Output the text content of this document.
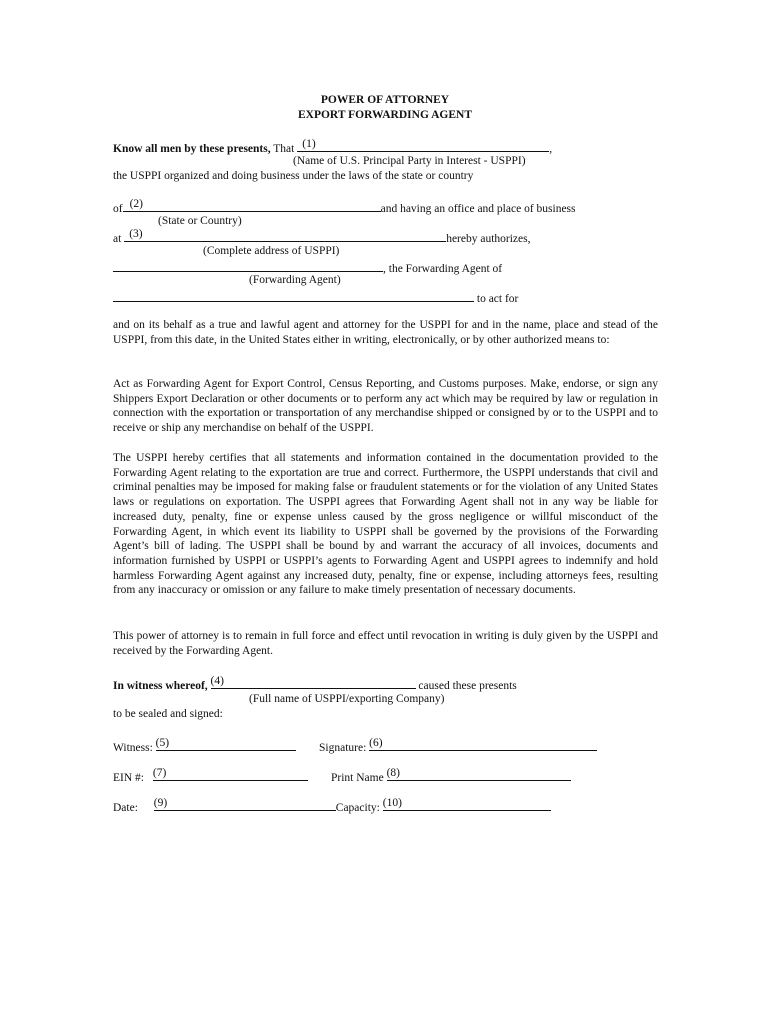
POWER OF ATTORNEY
EXPORT FORWARDING AGENT
Know all men by these presents, That (1)	,
(Name of U.S. Principal Party in Interest - USPPI)
the USPPI organized and doing business under the laws of the state or country
of (2)	and having an office and place of business
(State or Country)
at (3)	hereby authorizes,
(Complete address of USPPI)
, the Forwarding Agent of
(Forwarding Agent)
to act for
and on its behalf as a true and lawful agent and attorney for the USPPI for and in the name, place and stead of the USPPI, from this date, in the United States either in writing, electronically, or by other authorized means to:
Act as Forwarding Agent for Export Control, Census Reporting, and Customs purposes. Make, endorse, or sign any Shippers Export Declaration or other documents or to perform any act which may be required by law or regulation in connection with the exportation or transportation of any merchandise shipped or consigned by or to the USPPI and to receive or ship any merchandise on behalf of the USPPI.
The USPPI hereby certifies that all statements and information contained in the documentation provided to the Forwarding Agent relating to the exportation are true and correct. Furthermore, the USPPI understands that civil and criminal penalties may be imposed for making false or fraudulent statements or for the violation of any United States laws or regulations on exportation. The USPPI agrees that Forwarding Agent shall not in any way be liable for increased duty, penalty, fine or expense unless caused by the gross negligence or willful misconduct of the Forwarding Agent, in which event its liability to USPPI shall be governed by the provisions of the Forwarding Agent’s bill of lading. The USPPI shall be bound by and warrant the accuracy of all invoices, documents and information furnished by USPPI or USPPI’s agents to Forwarding Agent and USPPI agrees to indemnify and hold harmless Forwarding Agent against any increased duty, penalty, fine or expense, including attorneys fees, resulting from any inaccuracy or omission or any failure to make timely presentation of necessary documents.
This power of attorney is to remain in full force and effect until revocation in writing is duly given by the USPPI and received by the Forwarding Agent.
In witness whereof, (4)	caused these presents
(Full name of USPPI/exporting Company)
to be sealed and signed:
Witness: (5)	Signature: (6)
EIN #: (7)	Print Name (8)
Date: (9)	Capacity: (10)
